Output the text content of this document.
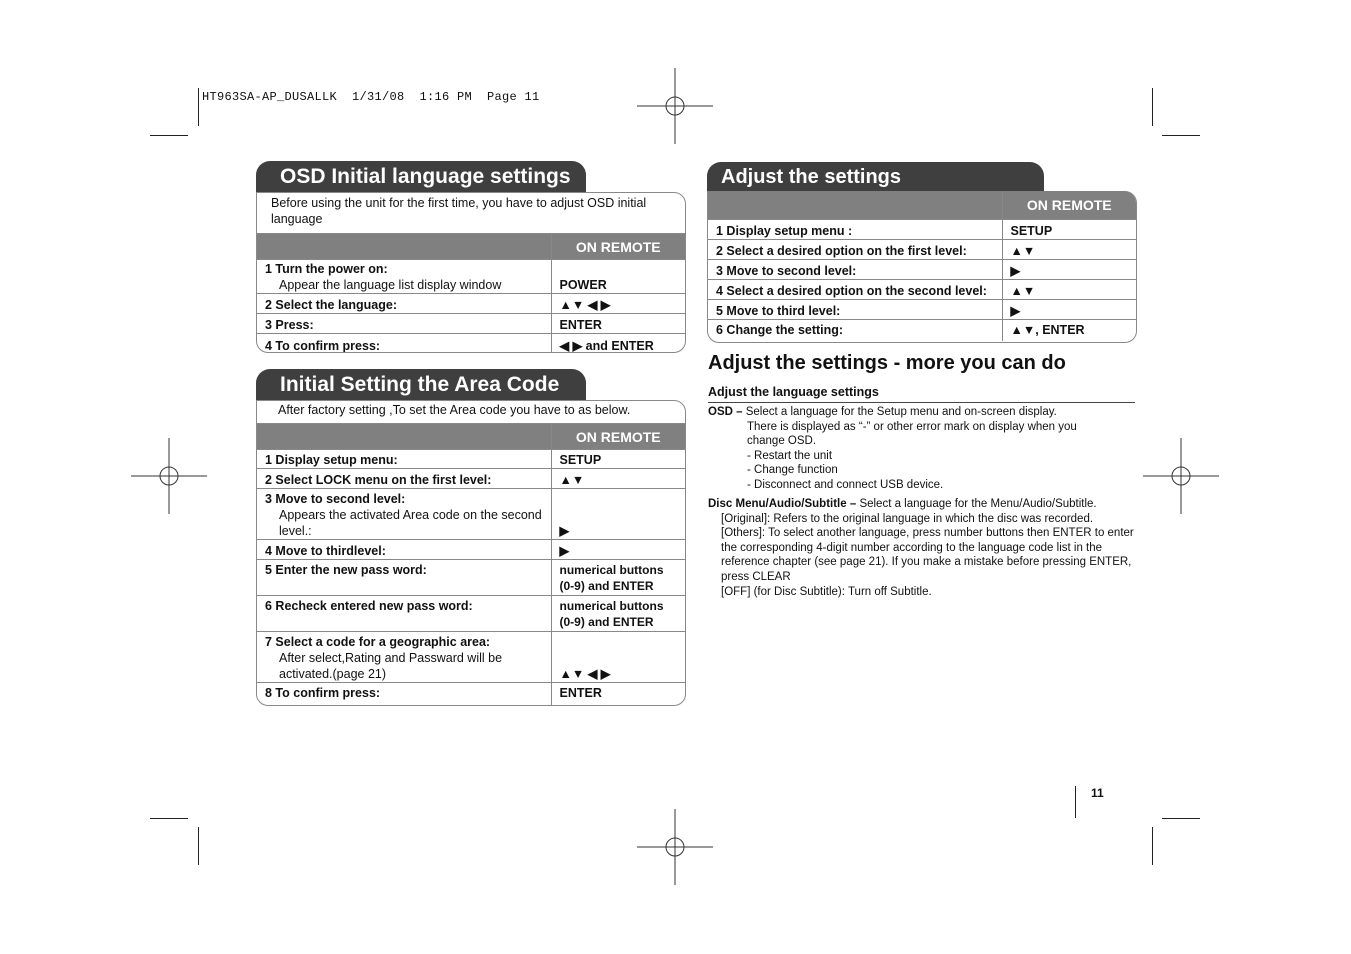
HT963SA-AP_DUSALLK  1/31/08  1:16 PM  Page 11
OSD Initial language settings
Before using the unit for the first time, you have to adjust OSD initial language
	ON REMOTE

1 Turn the power on:
Appear the language list display window	POWER
2 Select the language:	▲▼ ◀ ▶
3 Press:	ENTER
4 To confirm press:	◀ ▶ and ENTER
Initial Setting the Area Code
After factory setting ,To set the Area code you have to as below.
	ON REMOTE
1 Display setup menu:	SETUP
2 Select LOCK menu on the first level:	▲▼

3 Move to second level:
Appears the activated Area code on the second level.:	▶
4 Move to thirdlevel:	▶
5 Enter the new pass word:	numerical buttons (0-9) and ENTER
6 Recheck entered new pass word:	numerical buttons (0-9) and ENTER

7 Select a code for a geographic area:
After select,Rating and Passward will be activated.(page 21)	▲▼ ◀ ▶
8 To confirm press:	ENTER
Adjust the settings
	ON REMOTE
1 Display setup menu :	SETUP
2 Select a desired option on the first level:	▲▼
3 Move to second level:	▶
4 Select a desired option on the second level:	▲▼
5 Move to third level:	▶
6 Change the setting:	▲▼, ENTER
Adjust the settings - more you can do
Adjust the language settings
OSD – Select a language for the Setup menu and on-screen display.
There is displayed as “-” or other error mark on display when you change OSD.
- Restart the unit
- Change function
- Disconnect and connect USB device.
Disc Menu/Audio/Subtitle – Select a language for the Menu/Audio/Subtitle.
[Original]: Refers to the original language in which the disc was recorded.
[Others]: To select another language, press number buttons then ENTER to enter the corresponding 4-digit number according to the language code list in the reference chapter (see page 21). If you make a mistake before pressing ENTER, press CLEAR
[OFF] (for Disc Subtitle): Turn off Subtitle.
11
